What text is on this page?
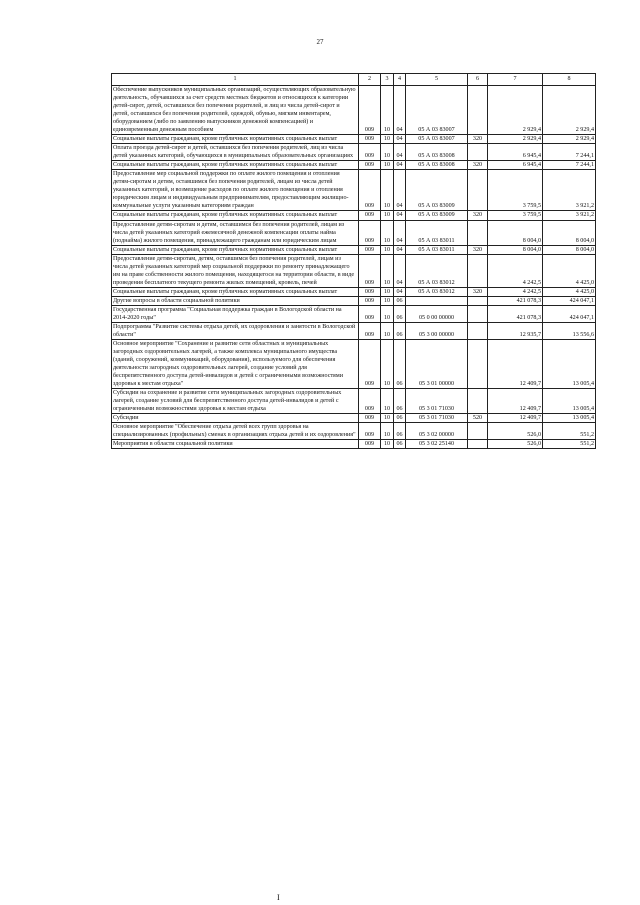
27
1	2	3	4	5	6	7	8
Обеспечение выпускников муниципальных организаций, осуществляющих образовательную деятельность, обучавшихся за счет средств местных бюджетов и относящихся к категории детей-сирот, детей, оставшихся без попечения родителей, и лиц из числа детей-сирот и детей, оставшихся без попечения родителей, одеждой, обувью, мягким инвентарем, оборудованием (либо по заявлению выпускников денежной компенсацией) и единовременным денежным пособием	009	10	04	05 А 03 83007		2 929,4	2 929,4
Социальные выплаты гражданам, кроме публичных нормативных социальных выплат	009	10	04	05 А 03 83007	320	2 929,4	2 929,4
Оплата проезда детей-сирот и детей, оставшихся без попечения родителей, лиц из числа детей указанных категорий, обучающихся в муниципальных образовательных организациях	009	10	04	05 А 03 83008		6 945,4	7 244,1
Социальные выплаты гражданам, кроме публичных нормативных социальных выплат	009	10	04	05 А 03 83008	320	6 945,4	7 244,1
Предоставление мер социальной поддержки по оплате жилого помещения и отопления детям-сиротам и детям, оставшимся без попечения родителей, лицам из числа детей указанных категорий, и возмещение расходов по оплате жилого помещения и отопления юридическим лицам и индивидуальным предпринимателям, предоставляющим жилищно-коммунальные услуги указанным категориям граждан	009	10	04	05 А 03 83009		3 759,5	3 921,2
Социальные выплаты гражданам, кроме публичных нормативных социальных выплат	009	10	04	05 А 03 83009	320	3 759,5	3 921,2
Предоставление детям-сиротам и детям, оставшимся без попечения родителей, лицам из числа детей указанных категорий ежемесячной денежной компенсации оплаты найма (поднайма) жилого помещения, принадлежащего гражданам или юридическим лицам	009	10	04	05 А 03 83011		8 004,0	8 004,0
Социальные выплаты гражданам, кроме публичных нормативных социальных выплат	009	10	04	05 А 03 83011	320	8 004,0	8 004,0
Предоставление детям-сиротам, детям, оставшимся без попечения родителей, лицам из числа детей указанных категорий мер социальной поддержки по ремонту принадлежащего им на праве собственности жилого помещения, находящегося на территории области, в виде проведения бесплатного текущего ремонта жилых помещений, кровель, печей	009	10	04	05 А 03 83012		4 242,5	4 425,0
Социальные выплаты гражданам, кроме публичных нормативных социальных выплат	009	10	04	05 А 03 83012	320	4 242,5	4 425,0
Другие вопросы в области социальной политики	009	10	06			421 078,3	424 047,1
Государственная программа "Социальная поддержка граждан в Вологодской области на 2014-2020 годы"	009	10	06	05 0 00 00000		421 078,3	424 047,1
Подпрограмма "Развитие системы отдыха детей, их оздоровления и занятости в Вологодской области"	009	10	06	05 3 00 00000		12 935,7	13 556,6
Основное мероприятие "Сохранение и развитие сети областных и муниципальных загородных оздоровительных лагерей, а также комплекса муниципального имущества (зданий, сооружений, коммуникаций, оборудования), используемого для обеспечения деятельности загородных оздоровительных лагерей, создание условий для беспрепятственного доступа детей-инвалидов и детей с ограниченными возможностями здоровья к местам отдыха"	009	10	06	05 3 01 00000		12 409,7	13 005,4
Субсидии на сохранение и развитие сети муниципальных загородных оздоровительных лагерей, создание условий для беспрепятственного доступа детей-инвалидов и детей с ограниченными возможностями здоровья к местам отдыха	009	10	06	05 3 01 71030		12 409,7	13 005,4
Субсидии	009	10	06	05 3 01 71030	520	12 409,7	13 005,4
Основное мероприятие "Обеспечение отдыха детей всех групп здоровья на специализированных (профильных) сменах в организациях отдыха детей и их оздоровления"	009	10	06	05 3 02 00000		526,0	551,2
Мероприятия в области социальной политики	009	10	06	05 3 02 25140		526,0	551,2
I
